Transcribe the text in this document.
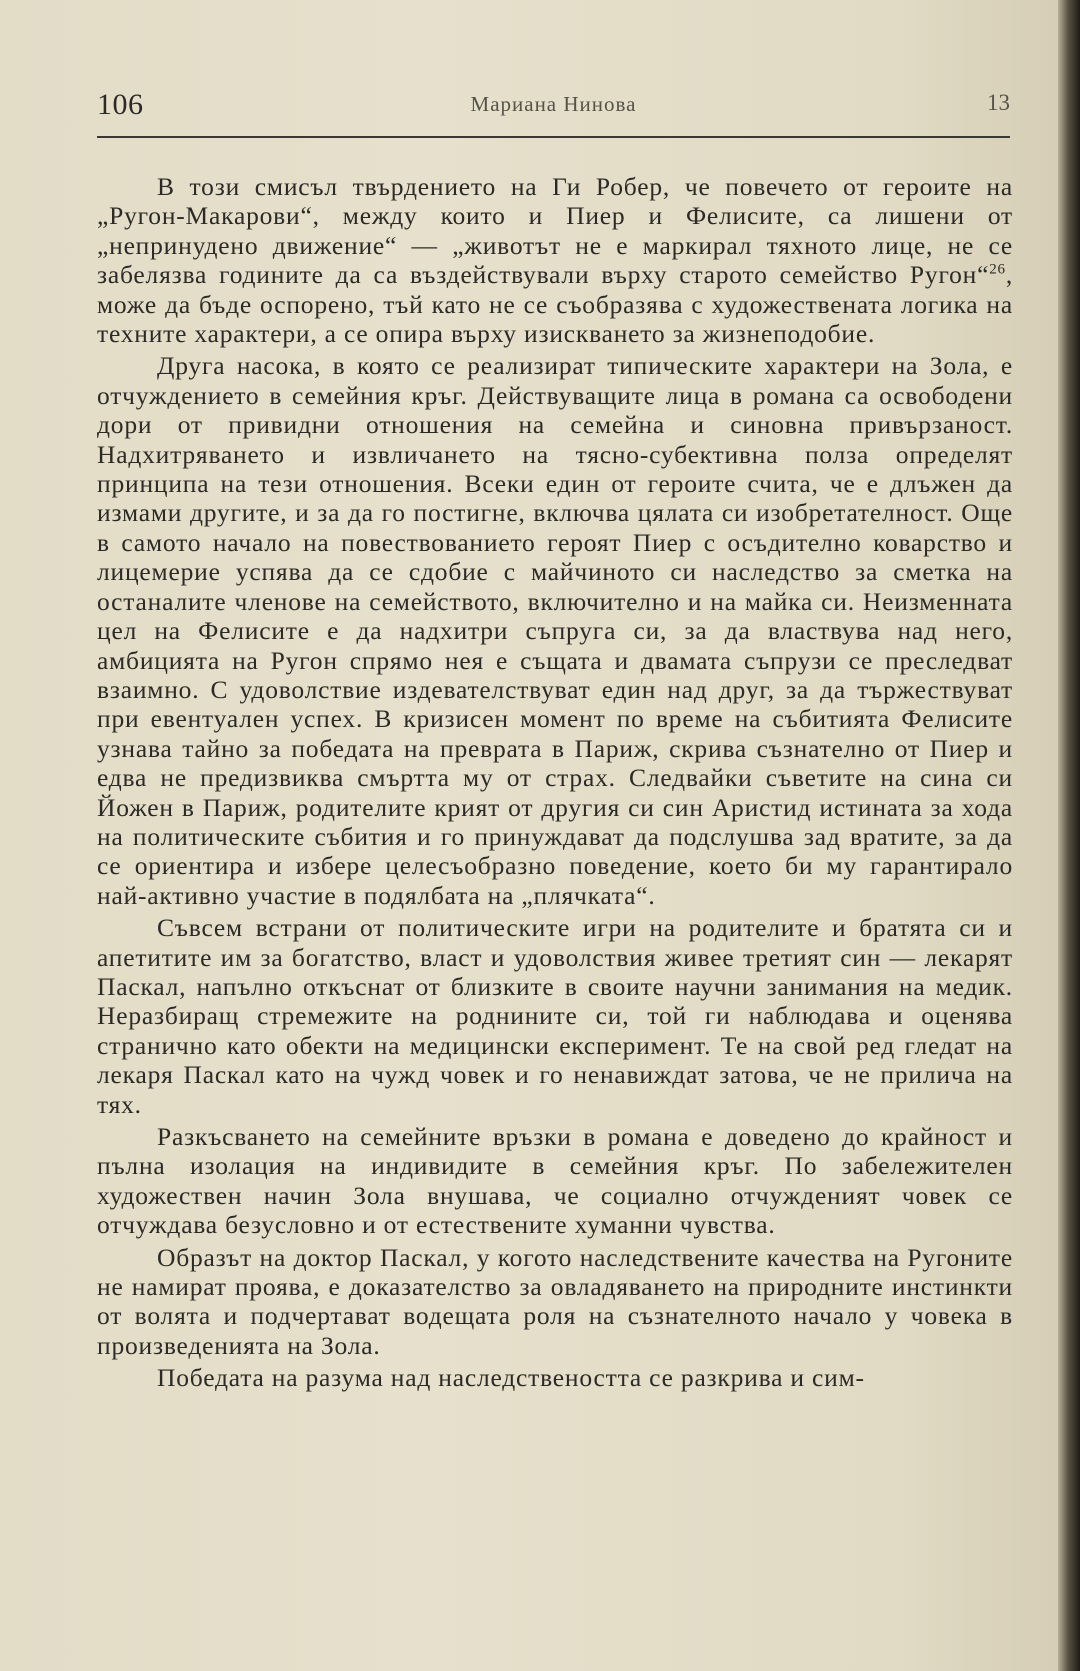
106	Мариана Нинова	13

В този смисъл твърдението на Ги Робер, че повечето от героите на „Ругон-Макарови“, между които и Пиер и Фелисите, са лишени от „непринудено движение“ — „животът не е маркирал тяхното лице, не се забелязва годините да са въздействували върху старото семейство Ругон“$^{26}$, може да бъде оспорено, тъй като не се съобразява с художествената логика на техните характери, а се опира върху изискването за жизнеподобие.

Друга насока, в която се реализират типическите характери на Зола, е отчуждението в семейния кръг. Действуващите лица в романа са освободени дори от привидни отношения на семейна и синовна привързаност. Надхитряването и извличането на тясно-субективна полза определят принципа на тези отношения. Всеки един от героите счита, че е длъжен да измами другите, и за да го постигне, включва цялата си изобретателност. Още в самото начало на повествованието героят Пиер с осъдително коварство и лицемерие успява да се сдобие с майчиното си наследство за сметка на останалите членове на семейството, включително и на майка си. Неизменната цел на Фелисите е да надхитри съпруга си, за да властвува над него, амбицията на Ругон спрямо нея е същата и двамата съпрузи се преследват взаимно. С удоволствие издевателствуват един над друг, за да тържествуват при евентуален успех. В кризисен момент по време на събитията Фелисите узнава тайно за победата на преврата в Париж, скрива съзнателно от Пиер и едва не предизвиква смъртта му от страх. Следвайки съветите на сина си Йожен в Париж, родителите крият от другия си син Аристид истината за хода на политическите събития и го принуждават да подслушва зад вратите, за да се ориентира и избере целесъобразно поведение, което би му гарантирало най-активно участие в подялбата на „плячката“.

Съвсем встрани от политическите игри на родителите и братята си и апетитите им за богатство, власт и удоволствия живее третият син — лекарят Паскал, напълно откъснат от близките в своите научни занимания на медик. Неразбиращ стремежите на роднините си, той ги наблюдава и оценява странично като обекти на медицински експеримент. Те на свой ред гледат на лекаря Паскал като на чужд човек и го ненавиждат затова, че не прилича на тях.

Разкъсването на семейните връзки в романа е доведено до крайност и пълна изолация на индивидите в семейния кръг. По забележителен художествен начин Зола внушава, че социално отчужденият човек се отчуждава безусловно и от естествените хуманни чувства.

Образът на доктор Паскал, у когото наследствените качества на Ругоните не намират проява, е доказателство за овладяването на природните инстинкти от волята и подчертават водещата роля на съзнателното начало у човека в произведенията на Зола.

Победата на разума над наследствеността се разкрива и сим-
